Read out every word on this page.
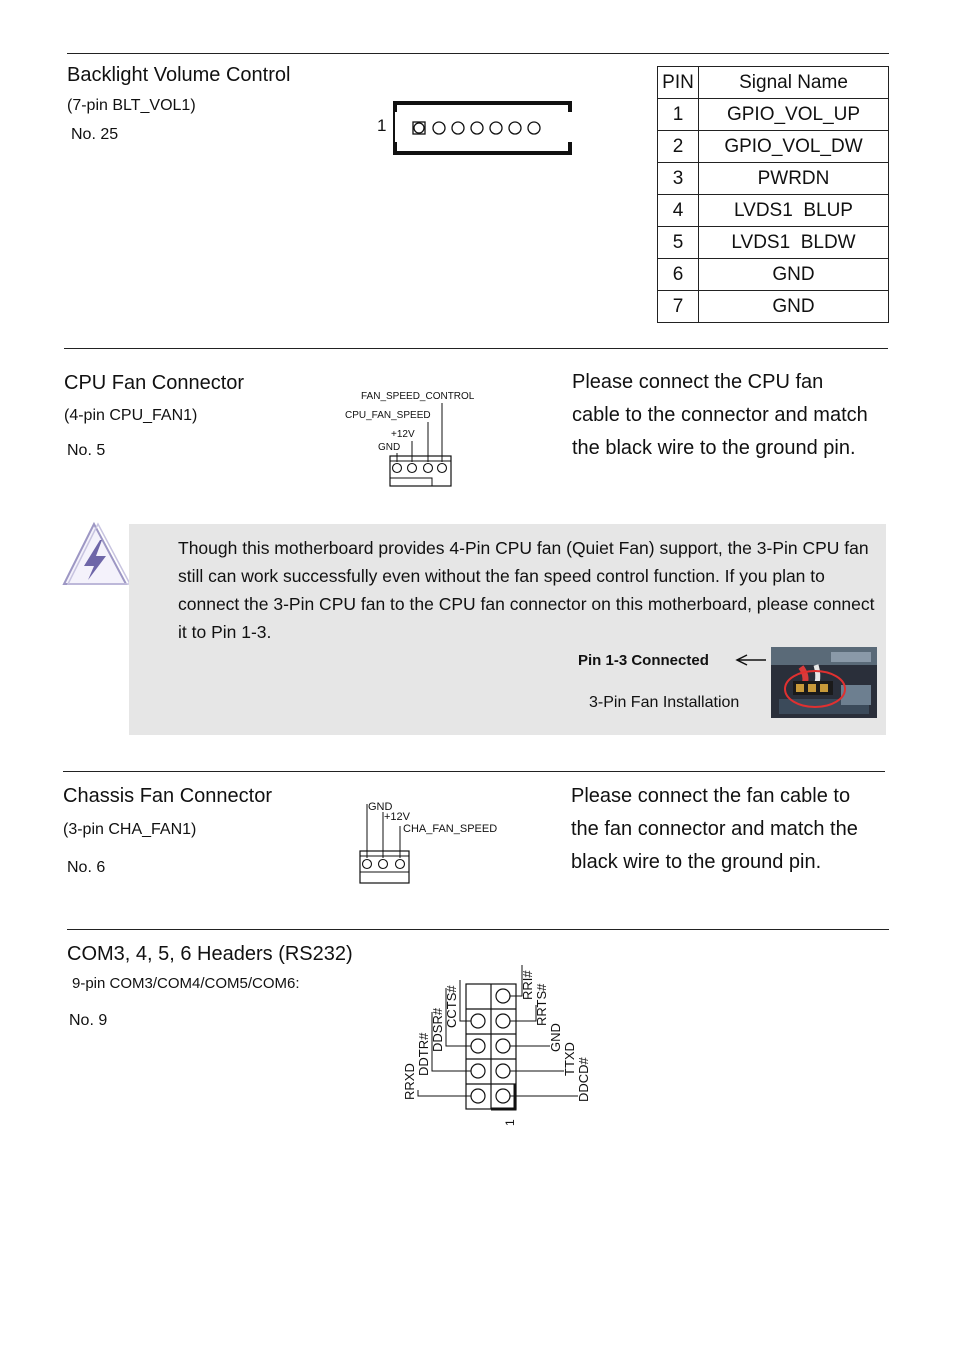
Backlight Volume Control
(7-pin BLT_VOL1)
No. 25	1
PIN	Signal Name
1	GPIO_VOL_UP
2	GPIO_VOL_DW
3	PWRDN
4	LVDS1  BLUP
5	LVDS1  BLDW
6	GND
7	GND
CPU Fan Connector
(4-pin CPU_FAN1)
No. 5
FAN_SPEED_CONTROL
CPU_FAN_SPEED
+12V
GND
Please connect the CPU fan cable to the connector and match the black wire to the ground pin.
Though this motherboard provides 4-Pin CPU fan (Quiet Fan) support, the 3-Pin CPU fan still can work successfully even without the fan speed control function. If you plan to connect the 3-Pin CPU fan to the CPU fan connector on this motherboard, please connect it to Pin 1-3.
Pin 1-3 Connected
3-Pin Fan Installation
Chassis Fan Connector
(3-pin CHA_FAN1)
No. 6
GND
+12V
CHA_FAN_SPEED
Please connect the fan cable to the fan connector and match the black wire to the ground pin.
COM3, 4, 5, 6 Headers (RS232)
9-pin COM3/COM4/COM5/COM6:
No. 9
RRXD
DDTR#
DDSR#
CCTS#
RRI# RRTS#
GND
TTXD DDCD#
1
